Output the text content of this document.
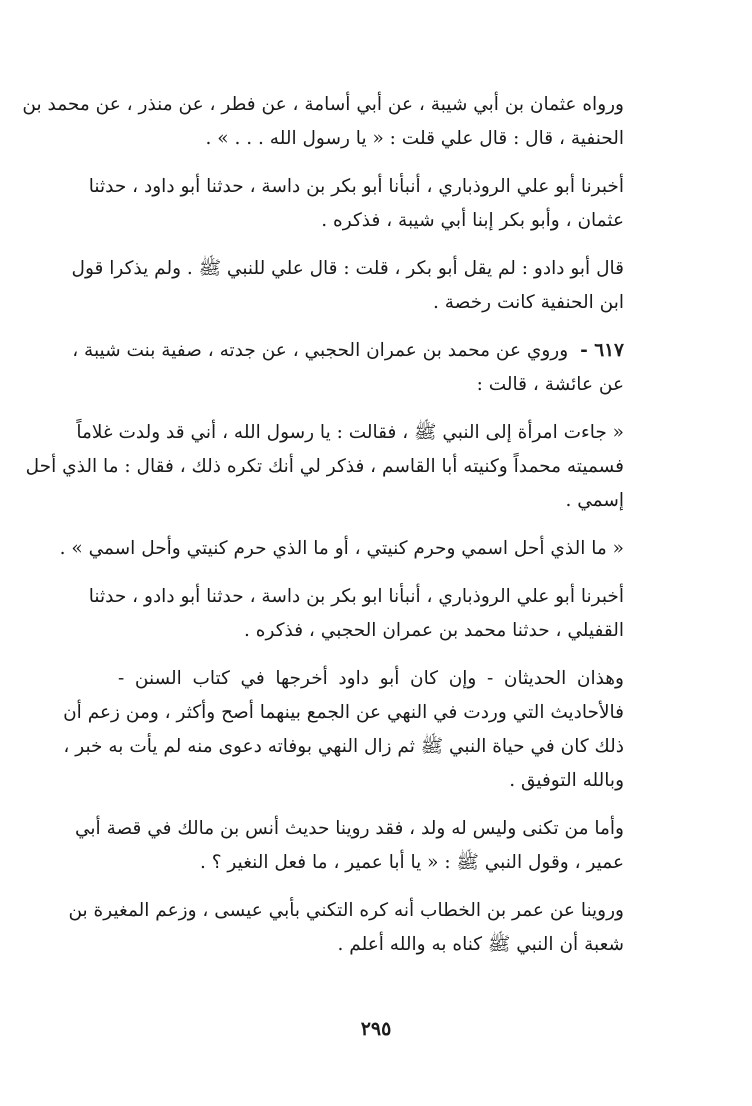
ورواه عثمان بن أبي شيبة ، عن أبي أسامة ، عن فطر ، عن منذر ، عن محمد بن
الحنفية ، قال : قال علي قلت : « يا رسول الله . . . » .
أخبرنا أبو علي الروذباري ، أنبأنا أبو بكر بن داسة ، حدثنا أبو داود ، حدثنا
عثمان ، وأبو بكر إبنا أبي شيبة ، فذكره .
قال أبو دادو : لم يقل أبو بكر ، قلت : قال علي للنبي ﷺ . ولم يذكرا قول
ابن الحنفية كانت رخصة .
٦١٧ - وروي عن محمد بن عمران الحجبي ، عن جدته ، صفية بنت شيبة ،
عن عائشة ، قالت :
« جاءت امرأة إلى النبي ﷺ ، فقالت : يا رسول الله ، أني قد ولدت غلاماً
فسميته محمداً وكنيته أبا القاسم ، فذكر لي أنك تكره ذلك ، فقال : ما الذي أحل
إسمي .
« ما الذي أحل اسمي وحرم كنيتي ، أو ما الذي حرم كنيتي وأحل اسمي » .
أخبرنا أبو علي الروذباري ، أنبأنا ابو بكر بن داسة ، حدثنا أبو دادو ، حدثنا
القفيلي ، حدثنا محمد بن عمران الحجبي ، فذكره .
وهذان الحديثان - وإن كان أبو داود أخرجها في كتاب السنن -
فالأحاديث التي وردت في النهي عن الجمع بينهما أصح وأكثر ، ومن زعم أن
ذلك كان في حياة النبي ﷺ ثم زال النهي بوفاته دعوى منه لم يأت به خبر ،
وبالله التوفيق .
وأما من تكنى وليس له ولد ، فقد روينا حديث أنس بن مالك في قصة أبي
عمير ، وقول النبي ﷺ : « يا أبا عمير ، ما فعل النغير ؟ .
وروينا عن عمر بن الخطاب أنه كره التكني بأبي عيسى ، وزعم المغيرة بن
شعبة أن النبي ﷺ كناه به والله أعلم .
٢٩٥
